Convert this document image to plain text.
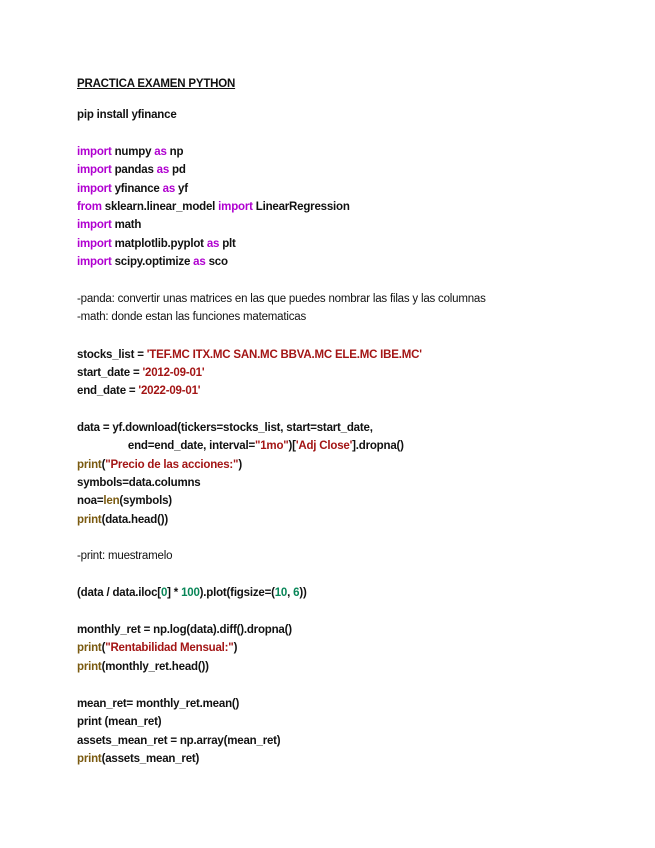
PRACTICA EXAMEN PYTHON
pip install yfinance
import numpy as np
import pandas as pd
import yfinance as yf
from sklearn.linear_model import LinearRegression
import math
import matplotlib.pyplot as plt
import scipy.optimize as sco
-panda: convertir unas matrices en las que puedes nombrar las filas y las columnas
-math: donde estan las funciones matematicas
stocks_list = 'TEF.MC ITX.MC SAN.MC BBVA.MC ELE.MC IBE.MC'
start_date = '2012-09-01'
end_date = '2022-09-01'
data = yf.download(tickers=stocks_list, start=start_date,
end=end_date, interval="1mo")['Adj Close'].dropna()
print("Precio de las acciones:")
symbols=data.columns
noa=len(symbols)
print(data.head())
-print: muestramelo
(data / data.iloc[0] * 100).plot(figsize=(10, 6))
monthly_ret = np.log(data).diff().dropna()
print("Rentabilidad Mensual:")
print(monthly_ret.head())
mean_ret= monthly_ret.mean()
print (mean_ret)
assets_mean_ret = np.array(mean_ret)
print(assets_mean_ret)
